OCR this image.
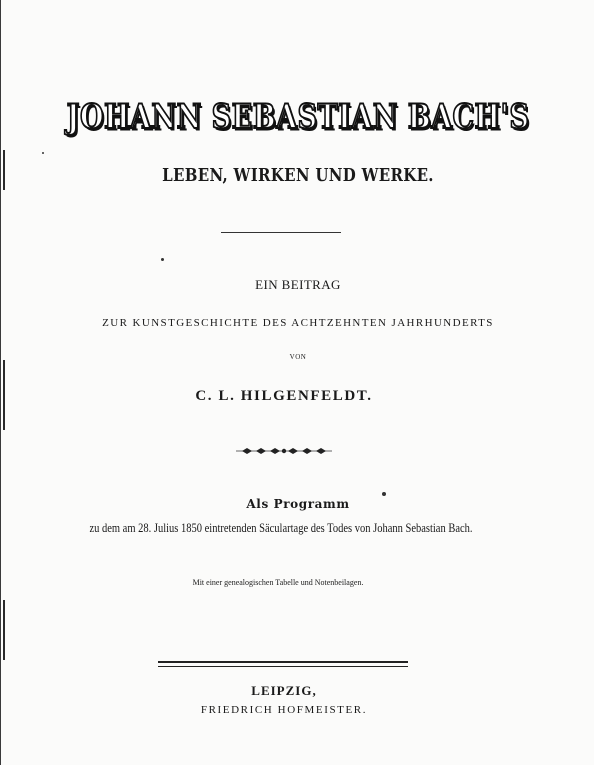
JOHANN SEBASTIAN BACH'S
LEBEN, WIRKEN UND WERKE.
EIN BEITRAG
ZUR KUNSTGESCHICHTE DES ACHTZEHNTEN JAHRHUNDERTS
VON
C. L. HILGENFELDT.
Als Programm
zu dem am 28. Julius 1850 eintretenden Säculartage des Todes von Johann Sebastian Bach.
Mit einer genealogischen Tabelle und Notenbeilagen.
LEIPZIG,
FRIEDRICH HOFMEISTER.
